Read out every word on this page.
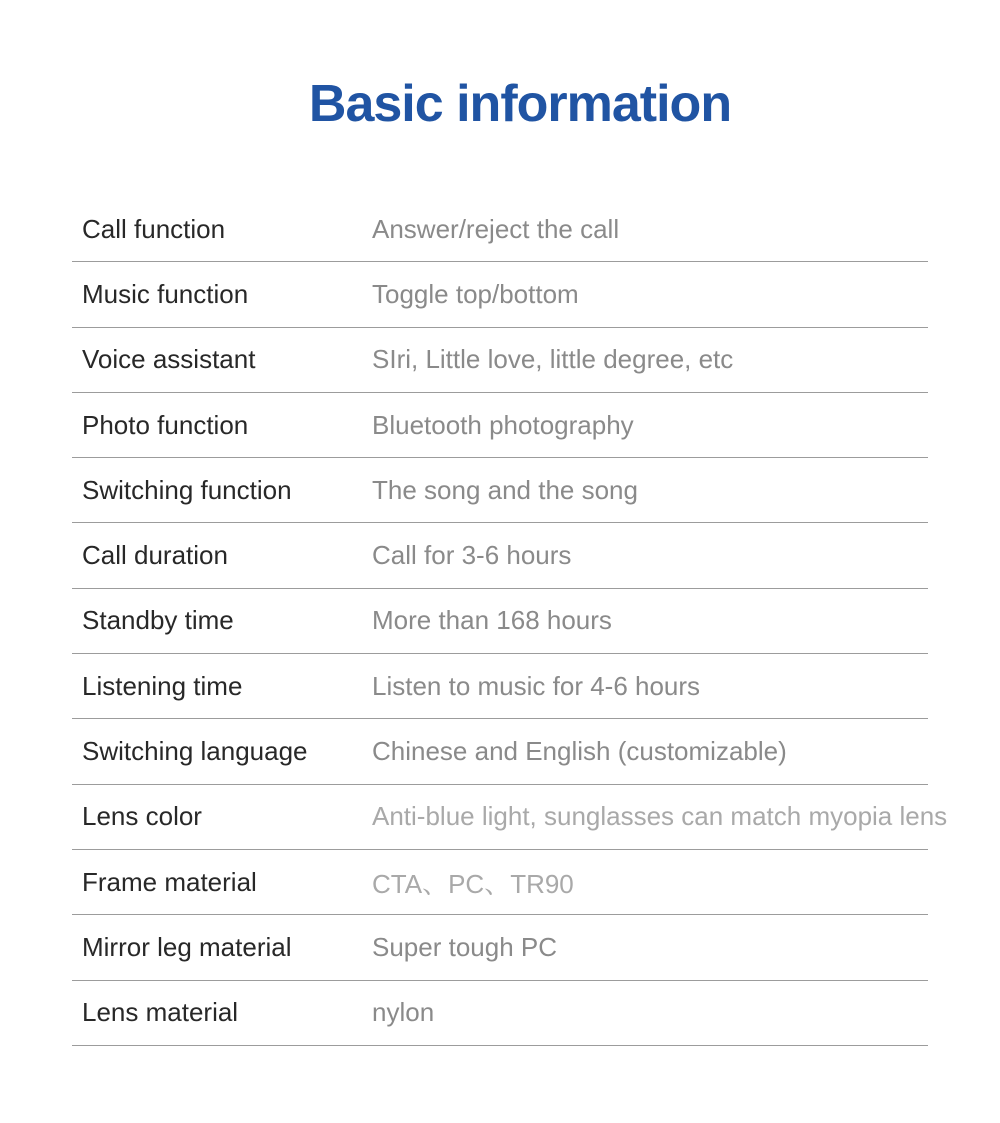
Basic information
Call function	Answer/reject the call
Music function	Toggle top/bottom
Voice assistant	SIri, Little love, little degree, etc
Photo function	Bluetooth photography
Switching function	The song and the song
Call duration	Call for 3-6 hours
Standby time	More than 168 hours
Listening time	Listen to music for 4-6 hours
Switching language	Chinese and English (customizable)
Lens color	Anti-blue light, sunglasses can match myopia lens
Frame material	CTA、PC、TR90
Mirror leg material	Super tough PC
Lens material	nylon
